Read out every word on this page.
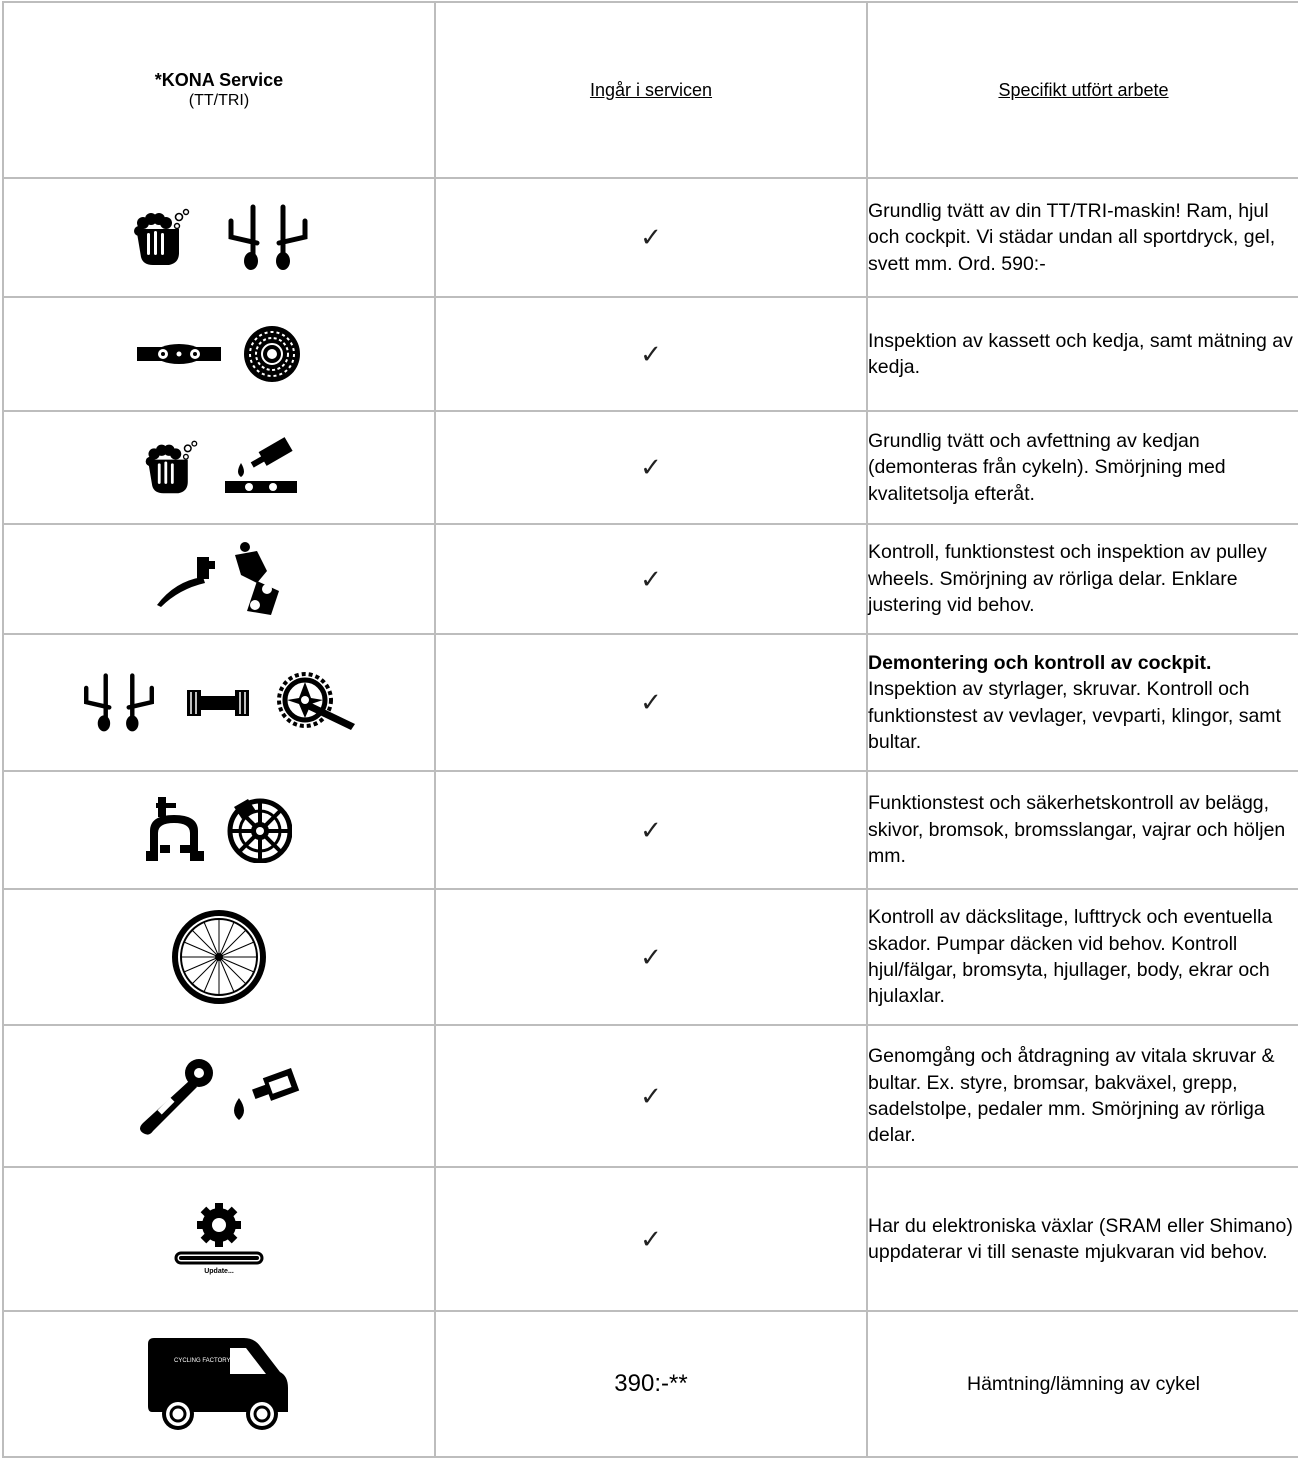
*KONA Service
(TT/TRI)	Ingår i servicen	Specifikt utfört arbete

	✓	Grundlig tvätt av din TT/TRI-maskin! Ram, hjul och cockpit. Vi städar undan all sportdryck, gel, svett mm. Ord. 590:-

	✓	Inspektion av kassett och kedja, samt mätning av kedja.

	✓	Grundlig tvätt och avfettning av kedjan (demonteras från cykeln). Smörjning med kvalitetsolja efteråt.

	✓	Kontroll, funktionstest och inspektion av pulley wheels. Smörjning av rörliga delar. Enklare justering vid behov.

	✓	Demontering och kontroll av cockpit.
Inspektion av styrlager, skruvar. Kontroll och funktionstest av vevlager, vevparti, klingor, samt bultar.

	✓	Funktionstest och säkerhetskontroll av belägg, skivor, bromsok, bromsslangar, vajrar och höljen mm.

	✓	Kontroll av däckslitage, lufttryck och eventuella skador. Pumpar däcken vid behov. Kontroll hjul/fälgar, bromsyta, hjullager, body, ekrar och hjulaxlar.

	✓	Genomgång och åtdragning av vitala skruvar & bultar. Ex. styre, bromsar, bakväxel, grepp, sadelstolpe, pedaler mm. Smörjning av rörliga delar.

Update...	✓	Har du elektroniska växlar (SRAM eller Shimano) uppdaterar vi till senaste mjukvaran vid behov.

CYCLING FACTORY	390:-**	Hämtning/lämning av cykel
